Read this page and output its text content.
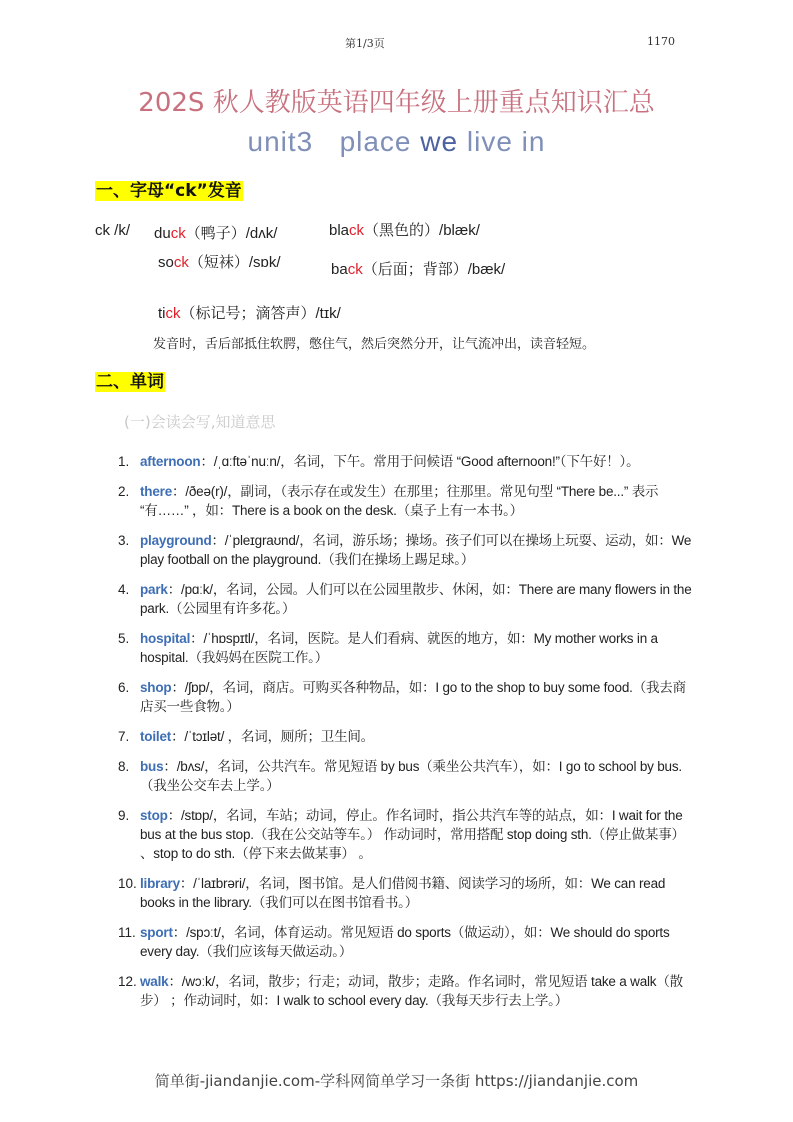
第1/3页	1170
202S 秋人教版英语四年级上册重点知识汇总
unit3   place we live in
一、字母“ck”发音
ck /k/ duck（鸭子）/dʌk/	black（黑色的）/blæk/
sock（短袜）/sɒk/	back（后面；背部）/bæk/
tick（标记号；滴答声）/tɪk/
发音时，舌后部抵住软腭，憋住气，然后突然分开，让气流冲出，读音轻短。
二、单词
(一)会读会写,知道意思
1. afternoon：/ˌɑːftəˈnuːn/，名词，下午。常用于问候语 “Good afternoon!”（下午好！）。
2. there：/ðeə(r)/，副词，（表示存在或发生）在那里；往那里。常见句型 “There be...” 表示 “有……” ，如：There is a book on the desk.（桌子上有一本书。）
3. playground：/ˈpleɪɡraʊnd/，名词，游乐场；操场。孩子们可以在操场上玩耍、运动，如：We play football on the playground.（我们在操场上踢足球。）
4. park：/pɑːk/，名词，公园。人们可以在公园里散步、休闲，如：There are many flowers in the park.（公园里有许多花。）
5. hospital：/ˈhɒspɪtl/，名词，医院。是人们看病、就医的地方，如：My mother works in a hospital.（我妈妈在医院工作。）
6. shop：/ʃɒp/，名词，商店。可购买各种物品，如：I go to the shop to buy some food.（我去商店买一些食物。）
7. toilet：/ˈtɔɪlət/ ，名词，厕所；卫生间。
8. bus：/bʌs/，名词，公共汽车。常见短语 by bus（乘坐公共汽车），如：I go to school by bus.（我坐公交车去上学。）
9. stop：/stɒp/，名词，车站；动词，停止。作名词时，指公共汽车等的站点，如：I wait for the bus at the bus stop.（我在公交站等车。） 作动词时，常用搭配 stop doing sth.（停止做某事） 、stop to do sth.（停下来去做某事） 。
10. library：/ˈlaɪbrəri/，名词，图书馆。是人们借阅书籍、阅读学习的场所，如：We can read books in the library.（我们可以在图书馆看书。）
11. sport：/spɔːt/，名词，体育运动。常见短语 do sports（做运动），如：We should do sports every day.（我们应该每天做运动。）
12. walk：/wɔːk/，名词，散步；行走；动词，散步；走路。作名词时，常见短语 take a walk（散步） ；作动词时，如：I walk to school every day.（我每天步行去上学。）
简单街-jiandanjie.com-学科网简单学习一条街 https://jiandanjie.com
